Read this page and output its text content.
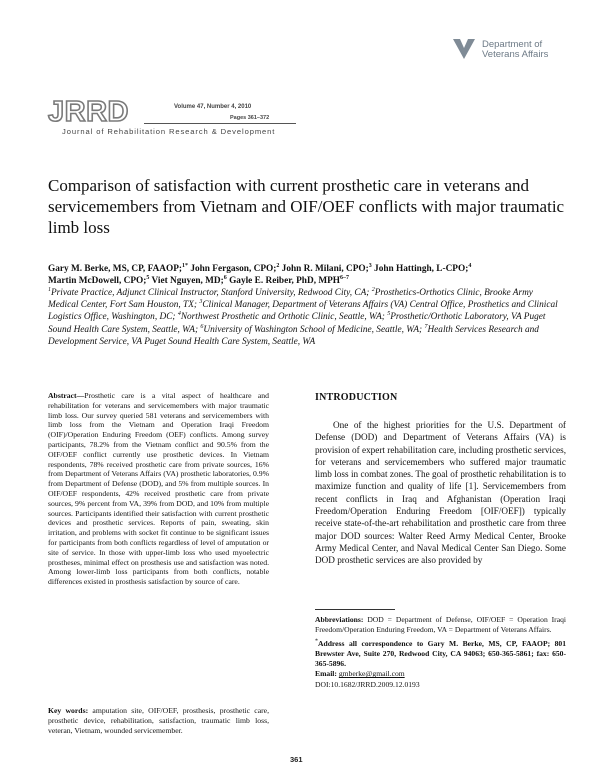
Department of
Veterans Affairs
JRRD	Volume 47, Number 4, 2010
Pages 361–372
Journal of Rehabilitation Research & Development
Comparison of satisfaction with current prosthetic care in veterans and servicemembers from Vietnam and OIF/OEF conflicts with major traumatic limb loss
Gary M. Berke, MS, CP, FAAOP;$^{1*}$ John Fergason, CPO;$^2$ John R. Milani, CPO;$^3$ John Hattingh, L-CPO;$^4$
Martin McDowell, CPO;$^5$ Viet Nguyen, MD;$^6$ Gayle E. Reiber, PhD, MPH$^{6-7}$
$^1$Private Practice, Adjunct Clinical Instructor, Stanford University, Redwood City, CA; $^2$Prosthetics-Orthotics Clinic, Brooke Army Medical Center, Fort Sam Houston, TX; $^3$Clinical Manager, Department of Veterans Affairs (VA) Central Office, Prosthetics and Clinical Logistics Office, Washington, DC; $^4$Northwest Prosthetic and Orthotic Clinic, Seattle, WA; $^5$Prosthetic/Orthotic Laboratory, VA Puget Sound Health Care System, Seattle, WA; $^6$University of Washington School of Medicine, Seattle, WA; $^7$Health Services Research and Development Service, VA Puget Sound Health Care System, Seattle, WA
Abstract—Prosthetic care is a vital aspect of healthcare and rehabilitation for veterans and servicemembers with major traumatic limb loss. Our survey queried 581 veterans and servicemembers with limb loss from the Vietnam and Operation Iraqi Freedom (OIF)/Operation Enduring Freedom (OEF) conflicts. Among survey participants, 78.2% from the Vietnam conflict and 90.5% from the OIF/OEF conflict currently use prosthetic devices. In Vietnam respondents, 78% received prosthetic care from private sources, 16% from Department of Veterans Affairs (VA) prosthetic laboratories, 0.9% from Department of Defense (DOD), and 5% from multiple sources. In OIF/OEF respondents, 42% received prosthetic care from private sources, 9% percent from VA, 39% from DOD, and 10% from multiple sources. Participants identified their satisfaction with current prosthetic devices and prosthetic services. Reports of pain, sweating, skin irritation, and problems with socket fit continue to be significant issues for participants from both conflicts regardless of level of amputation or site of service. In those with upper-limb loss who used myoelectric prostheses, minimal effect on prosthesis use and satisfaction was noted. Among lower-limb loss participants from both conflicts, notable differences existed in prosthesis satisfaction by source of care.
Key words: amputation site, OIF/OEF, prosthesis, prosthetic care, prosthetic device, rehabilitation, satisfaction, traumatic limb loss, veteran, Vietnam, wounded servicemember.
INTRODUCTION

One of the highest priorities for the U.S. Department of Defense (DOD) and Department of Veterans Affairs (VA) is provision of expert rehabilitation care, including prosthetic services, for veterans and servicemembers who suffered major traumatic limb loss in combat zones. The goal of prosthetic rehabilitation is to maximize function and quality of life [1]. Servicemembers from recent conflicts in Iraq and Afghanistan (Operation Iraqi Freedom/Operation Enduring Freedom [OIF/OEF]) typically receive state-of-the-art rehabilitation and prosthetic care from three major DOD sources: Walter Reed Army Medical Center, Brooke Army Medical Center, and Naval Medical Center San Diego. Some DOD prosthetic services are also provided by

Abbreviations: DOD = Department of Defense, OIF/OEF = Operation Iraqi Freedom/Operation Enduring Freedom, VA = Department of Veterans Affairs.

*Address all correspondence to Gary M. Berke, MS, CP, FAAOP; 801 Brewster Ave, Suite 270, Redwood City, CA 94063; 650-365-5861; fax: 650-365-5896.

Email: gmberke@gmail.com
DOI:10.1682/JRRD.2009.12.0193
361
